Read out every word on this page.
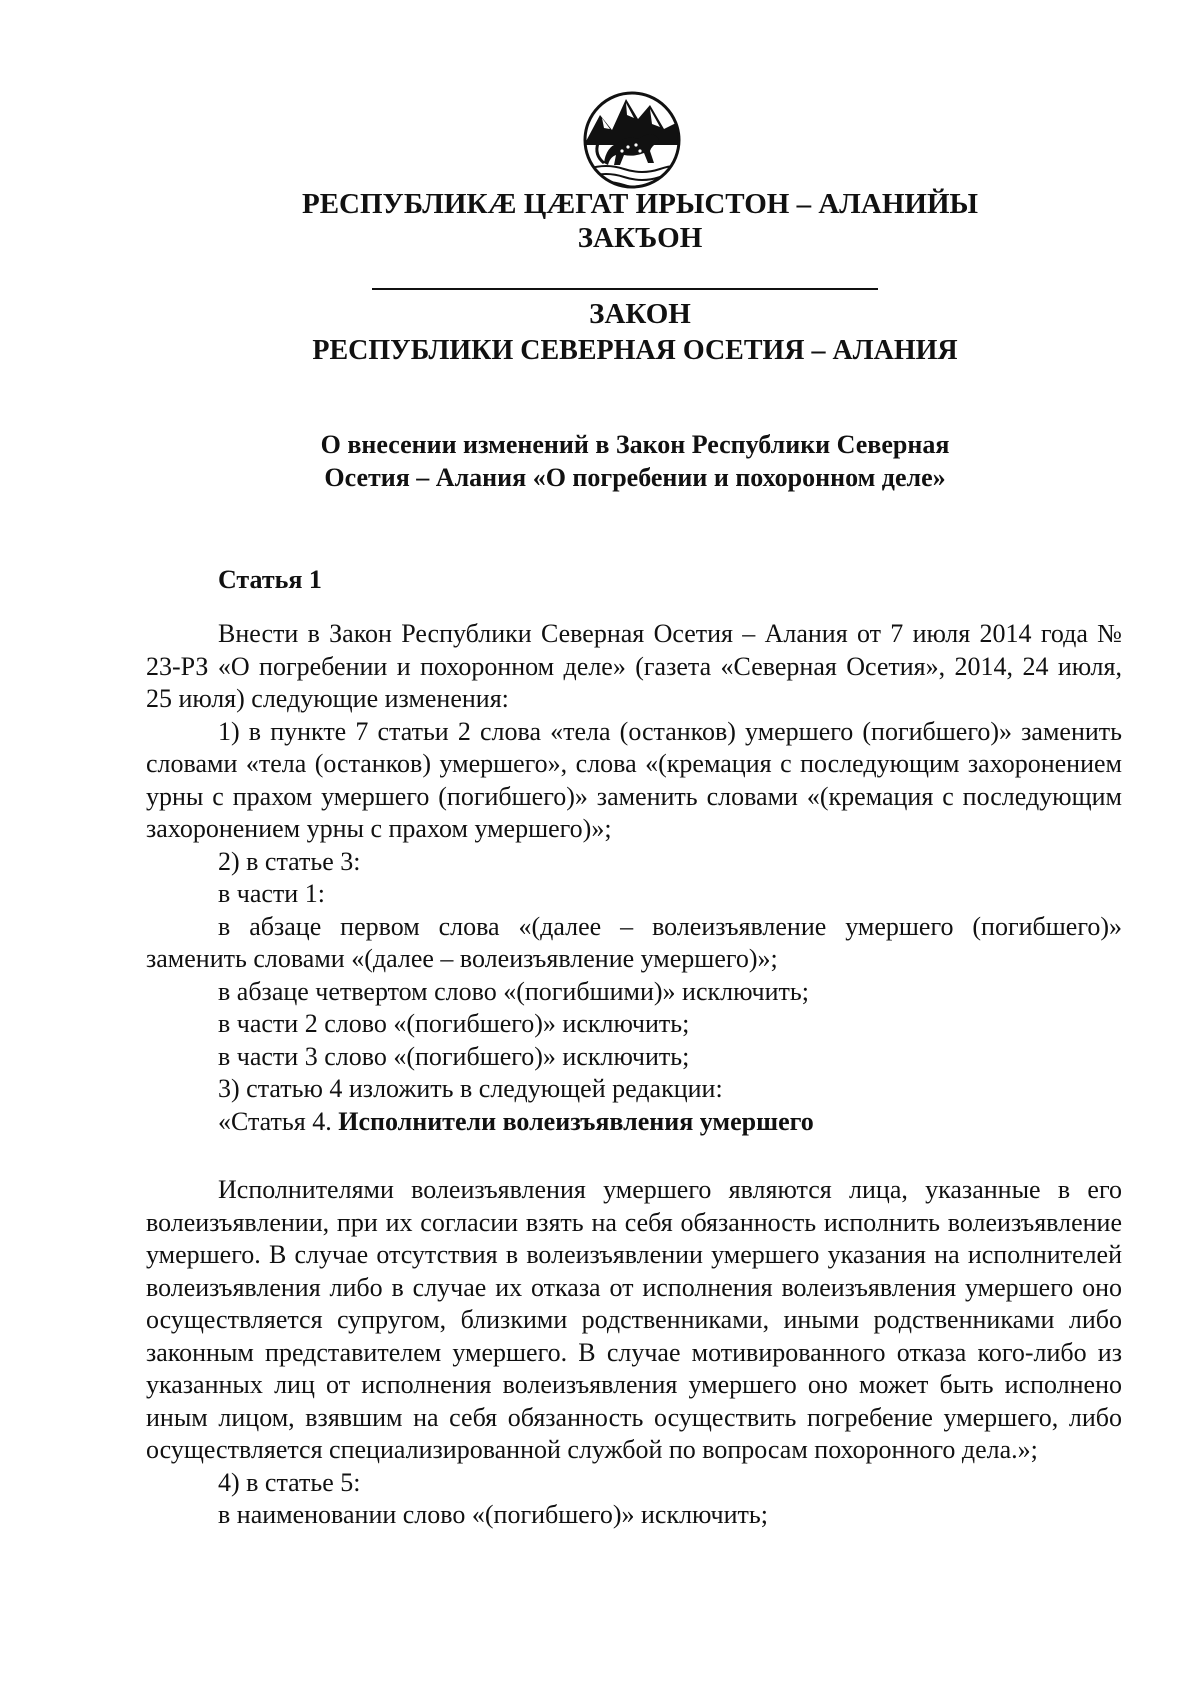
РЕСПУБЛИКÆ ЦÆГАТ ИРЫСТОН – АЛАНИЙЫ
ЗАКЪОН
ЗАКОН
РЕСПУБЛИКИ СЕВЕРНАЯ ОСЕТИЯ – АЛАНИЯ
О внесении изменений в Закон Республики Северная
Осетия – Алания «О погребении и похоронном деле»
Статья 1

Внести в Закон Республики Северная Осетия – Алания от 7 июля 2014 года № 23-РЗ «О погребении и похоронном деле» (газета «Северная Осетия», 2014, 24 июля, 25 июля) следующие изменения:

1) в пункте 7 статьи 2 слова «тела (останков) умершего (погибшего)» заменить словами «тела (останков) умершего», слова «(кремация с последующим захоронением урны с прахом умершего (погибшего)» заменить словами «(кремация с последующим захоронением урны с прахом умершего)»;

2) в статье 3:

в части 1:

в абзаце первом слова «(далее – волеизъявление умершего (погибшего)» заменить словами «(далее – волеизъявление умершего)»;

в абзаце четвертом слово «(погибшими)» исключить;

в части 2 слово «(погибшего)» исключить;

в части 3 слово «(погибшего)» исключить;

3) статью 4 изложить в следующей редакции:

«Статья 4. Исполнители волеизъявления умершего

Исполнителями волеизъявления умершего являются лица, указанные в его волеизъявлении, при их согласии взять на себя обязанность исполнить волеизъявление умершего. В случае отсутствия в волеизъявлении умершего указания на исполнителей волеизъявления либо в случае их отказа от исполнения волеизъявления умершего оно осуществляется супругом, близкими родственниками, иными родственниками либо законным представителем умершего. В случае мотивированного отказа кого-либо из указанных лиц от исполнения волеизъявления умершего оно может быть исполнено иным лицом, взявшим на себя обязанность осуществить погребение умершего, либо осуществляется специализированной службой по вопросам похоронного дела.»;

4) в статье 5:

в наименовании слово «(погибшего)» исключить;
